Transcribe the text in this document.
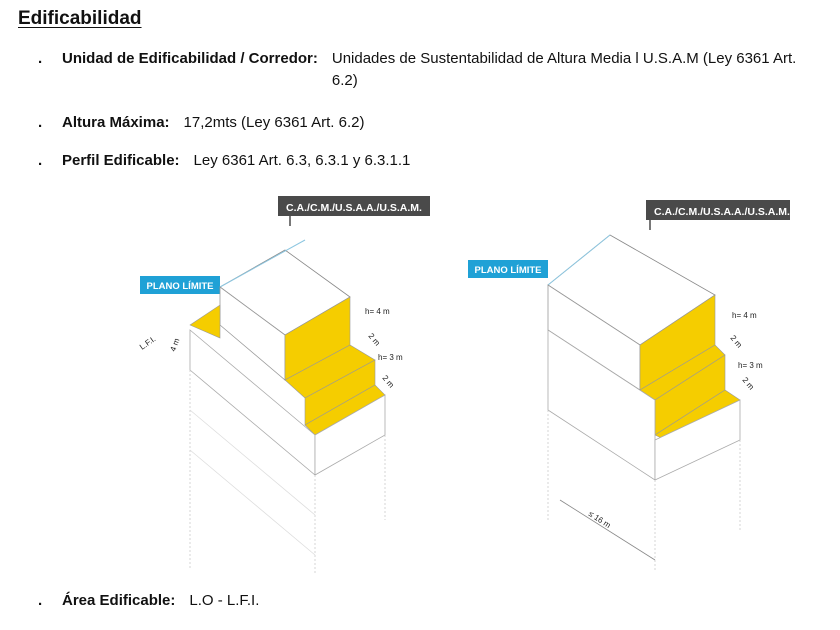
Edificabilidad
.	Unidad de Edificabilidad / Corredor: Unidades de Sustentabilidad de Altura Media l U.S.A.M (Ley 6361 Art. 6.2)
.	Altura Máxima: 17,2mts (Ley 6361 Art. 6.2)
.	Perfil Edificable: Ley 6361 Art. 6.3, 6.3.1 y 6.3.1.1
C.A./C.M./U.S.A.A./U.S.A.M.
PLANO LÍMITE
h= 4 m
2 m
h= 3 m
2 m
L.F.I. 4 m
C.A./C.M./U.S.A.A./U.S.A.M.
PLANO LÍMITE
h= 4 m
2 m
h= 3 m
2 m
≤ 16 m
.	Área Edificable: L.O - L.F.I.
